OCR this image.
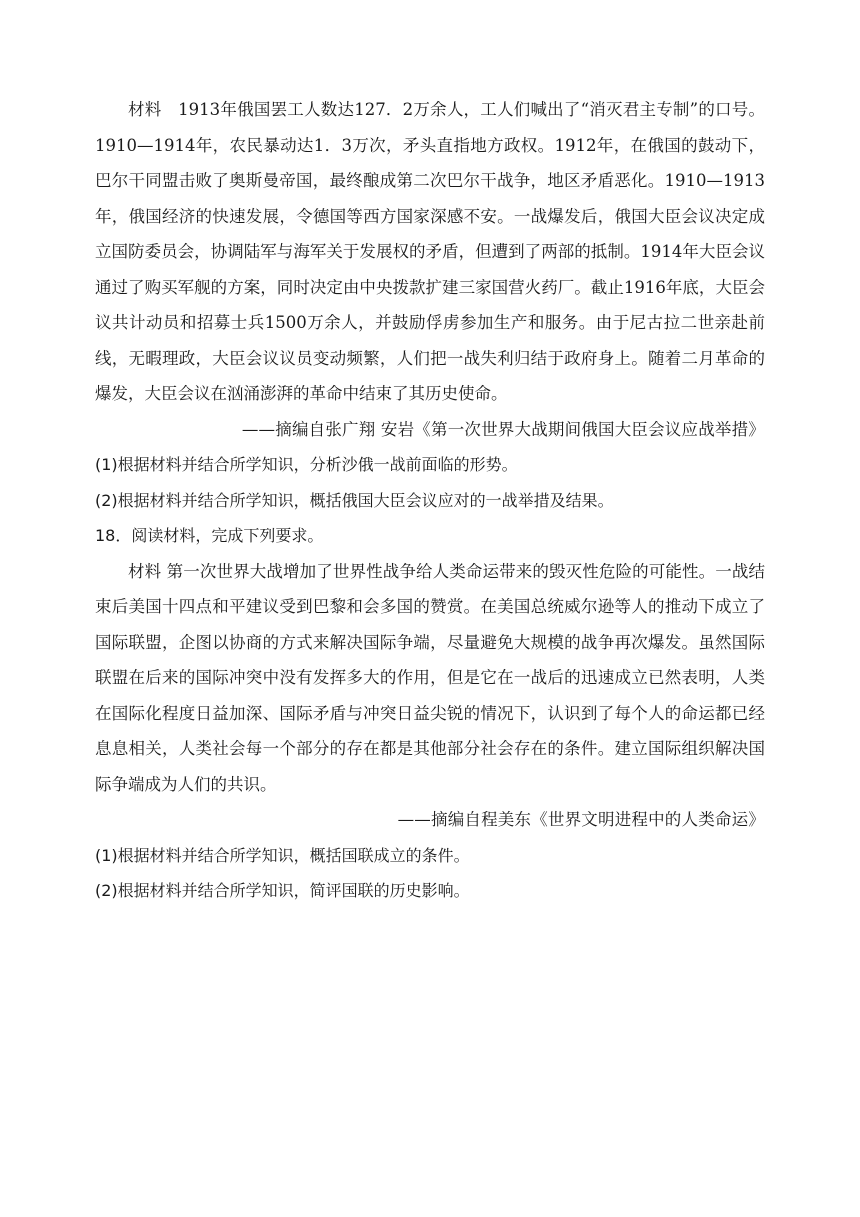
材料　1913年俄国罢工人数达127．2万余人，工人们喊出了“消灭君主专制”的口号。1910—1914年，农民暴动达1．3万次，矛头直指地方政权。1912年，在俄国的鼓动下，巴尔干同盟击败了奥斯曼帝国，最终酿成第二次巴尔干战争，地区矛盾恶化。1910—1913年，俄国经济的快速发展，令德国等西方国家深感不安。一战爆发后，俄国大臣会议决定成立国防委员会，协调陆军与海军关于发展权的矛盾，但遭到了两部的抵制。1914年大臣会议通过了购买军舰的方案，同时决定由中央拨款扩建三家国营火药厂。截止1916年底，大臣会议共计动员和招募士兵1500万余人，并鼓励俘虏参加生产和服务。由于尼古拉二世亲赴前线，无暇理政，大臣会议议员变动频繁，人们把一战失利归结于政府身上。随着二月革命的爆发，大臣会议在汹涌澎湃的革命中结束了其历史使命。

——摘编自张广翔 安岩《第一次世界大战期间俄国大臣会议应战举措》

(1)根据材料并结合所学知识，分析沙俄一战前面临的形势。

(2)根据材料并结合所学知识，概括俄国大臣会议应对的一战举措及结果。

18．阅读材料，完成下列要求。

材料 第一次世界大战增加了世界性战争给人类命运带来的毁灭性危险的可能性。一战结束后美国十四点和平建议受到巴黎和会多国的赞赏。在美国总统威尔逊等人的推动下成立了国际联盟，企图以协商的方式来解决国际争端，尽量避免大规模的战争再次爆发。虽然国际联盟在后来的国际冲突中没有发挥多大的作用，但是它在一战后的迅速成立已然表明，人类在国际化程度日益加深、国际矛盾与冲突日益尖锐的情况下，认识到了每个人的命运都已经息息相关，人类社会每一个部分的存在都是其他部分社会存在的条件。建立国际组织解决国际争端成为人们的共识。

——摘编自程美东《世界文明进程中的人类命运》

(1)根据材料并结合所学知识，概括国联成立的条件。

(2)根据材料并结合所学知识，简评国联的历史影响。
